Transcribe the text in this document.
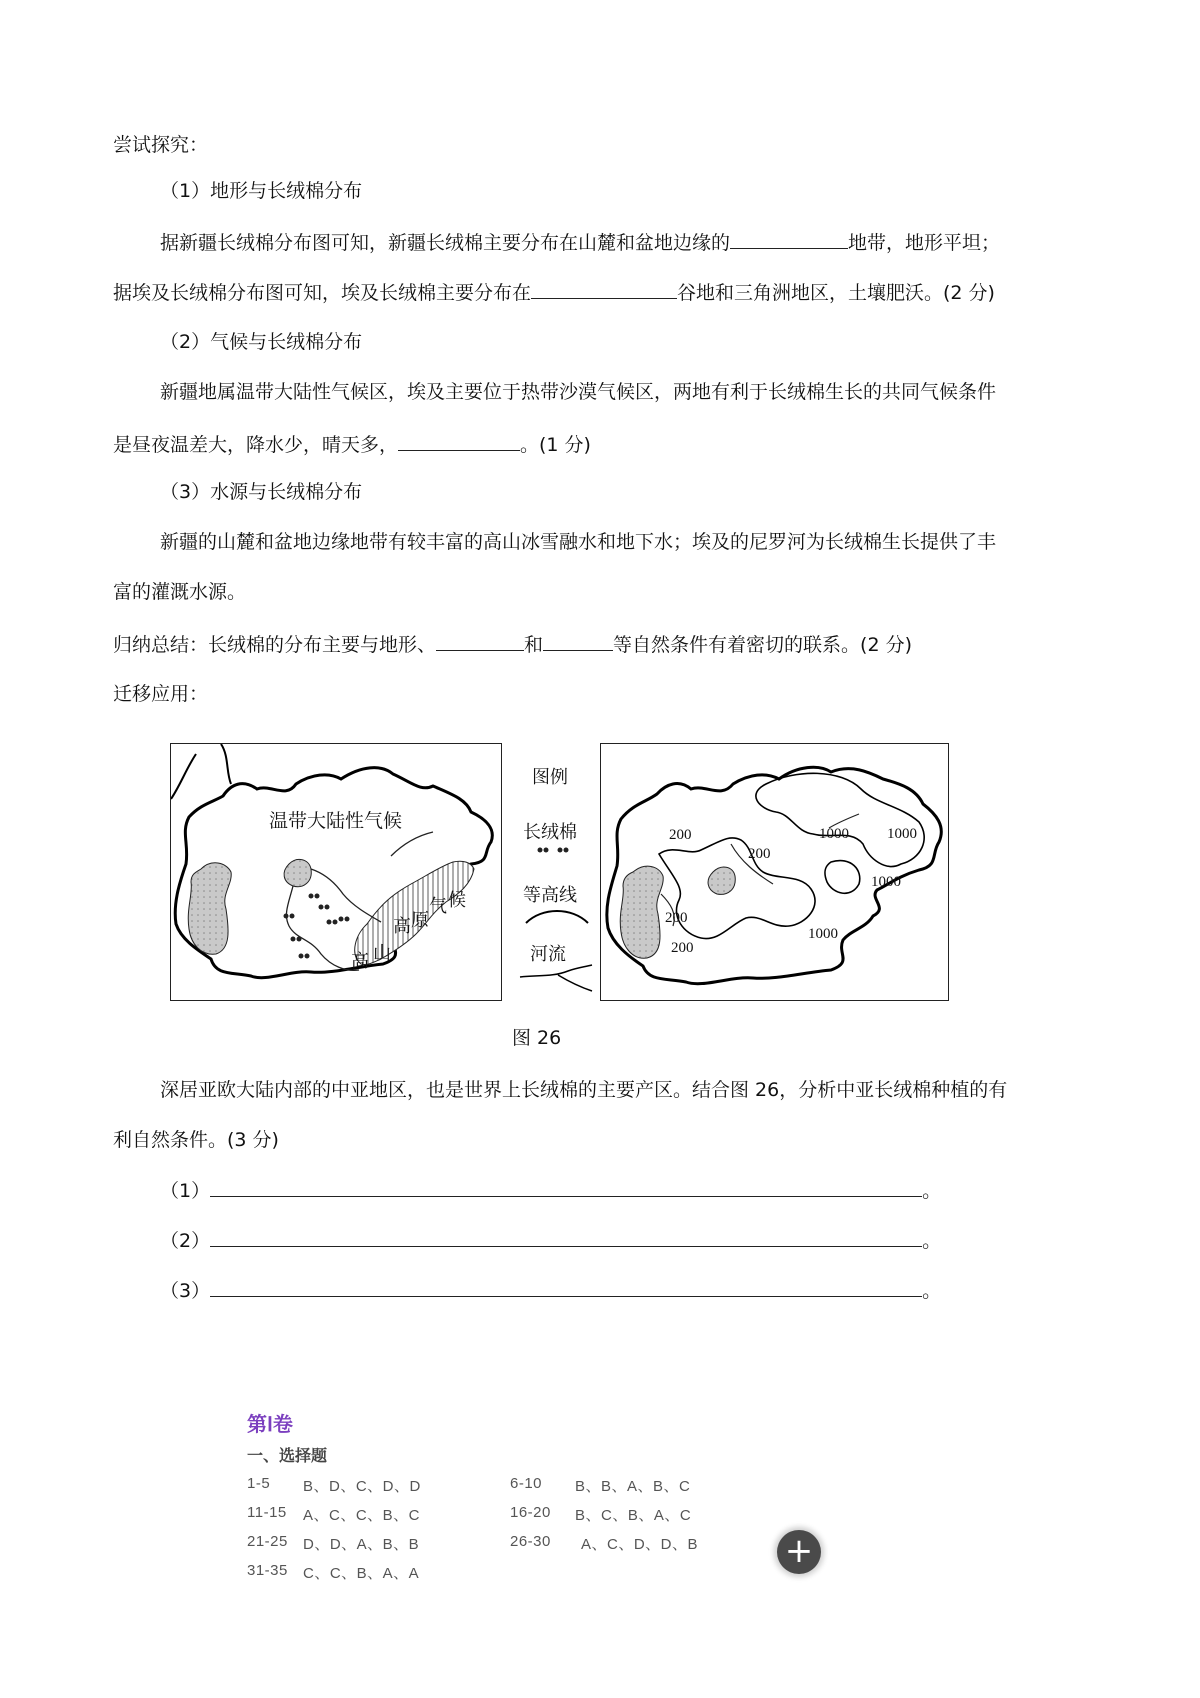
尝试探究：
（1）地形与长绒棉分布
据新疆长绒棉分布图可知，新疆长绒棉主要分布在山麓和盆地边缘的	地带，地形平坦；
据埃及长绒棉分布图可知，埃及长绒棉主要分布在	谷地和三角洲地区，土壤肥沃。(2 分)
（2）气候与长绒棉分布
新疆地属温带大陆性气候区，埃及主要位于热带沙漠气候区，两地有利于长绒棉生长的共同气候条件
是昼夜温差大，降水少，晴天多，	。(1 分)
（3）水源与长绒棉分布
新疆的山麓和盆地边缘地带有较丰富的高山冰雪融水和地下水；埃及的尼罗河为长绒棉生长提供了丰
富的灌溉水源。
归纳总结：长绒棉的分布主要与地形、	和	等自然条件有着密切的联系。(2 分)
迁移应用：
温带大陆性气候
气 候
高 原
高 山
图例
长绒棉
等高线
河流
200
200
200
200
1000	1000
1000
1000
图 26
深居亚欧大陆内部的中亚地区，也是世界上长绒棉的主要产区。结合图 26，分析中亚长绒棉种植的有
利自然条件。(3 分)
（1）	。
（2）	。
（3）	。
第Ⅰ卷
一、选择题
1-5 B、D、C、D、D	6-10 B、B、A、B、C
11-15 A、C、C、B、C	16-20 B、C、B、A、C
21-25 D、D、A、B、B	26-30 A、C、D、D、B
31-35 C、C、B、A、A
+
